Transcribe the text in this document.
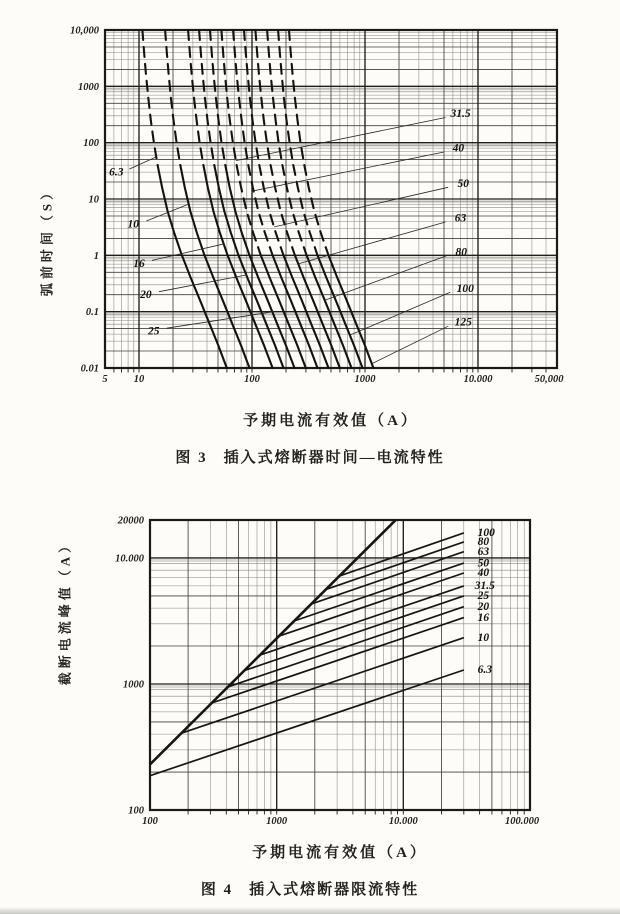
5 10	100	1000	10.000	50,000
10,000
1000
100
10
1
0.1
0.01
6.3
10
16
20
25
31.5
40
50
63
80
100
125
100	1000	10.000	100.000
20000
10.000
1000
100
100
80
63
50
40
31.5
25
20
16
10
6.3
弧前时间（S）
予期电流有效值（A）
图 3 插入式熔断器时间—电流特性
截断电流峰值（A）
予期电流有效值（A）
图 4 插入式熔断器限流特性
